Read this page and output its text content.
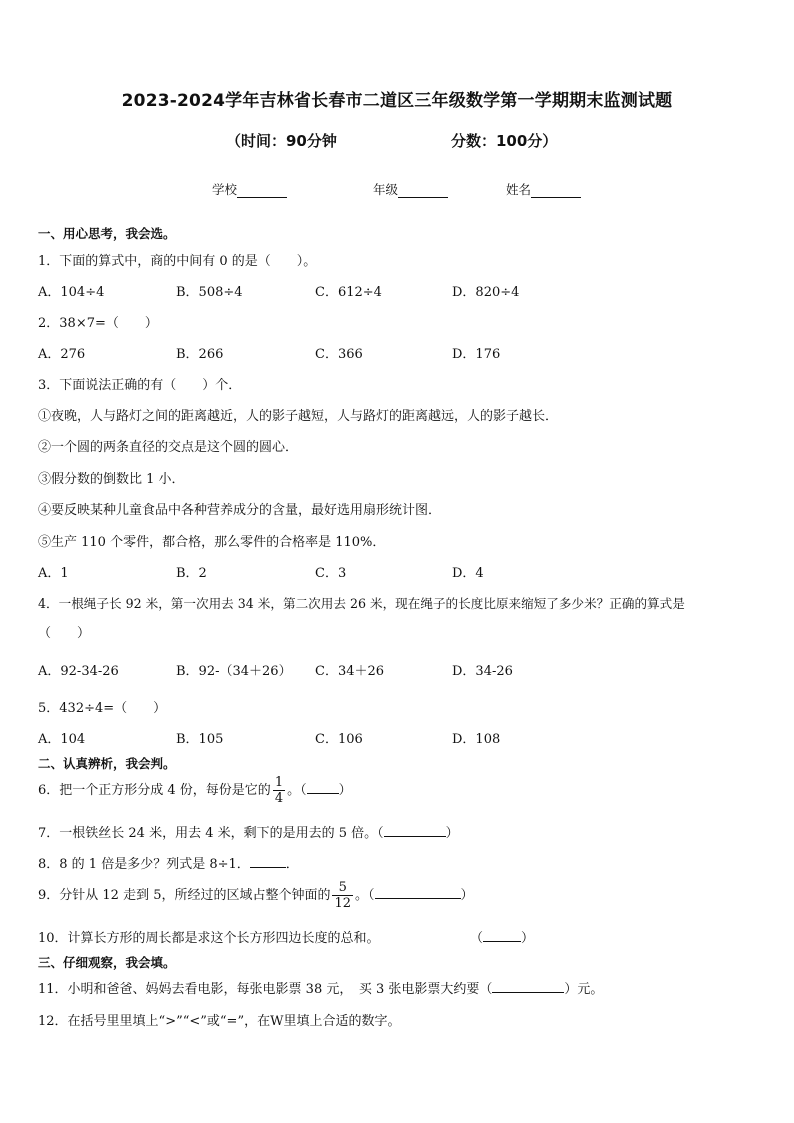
2023-2024学年吉林省长春市二道区三年级数学第一学期期末监测试题
（时间：90分钟	分数：100分）
学校	年级	姓名
一、用心思考，我会选。
1．下面的算式中，商的中间有 0 的是（　　）。
A．104÷4	B．508÷4	C．612÷4	D．820÷4
2．38×7=（　　）
A．276	B．266	C．366	D．176
3．下面说法正确的有（　　）个．
①夜晚，人与路灯之间的距离越近，人的影子越短，人与路灯的距离越远，人的影子越长．
②一个圆的两条直径的交点是这个圆的圆心．
③假分数的倒数比 1 小．
④要反映某种儿童食品中各种营养成分的含量，最好选用扇形统计图．
⑤生产 110 个零件，都合格，那么零件的合格率是 110%．
A．1	B．2	C．3	D．4
4．一根绳子长 92 米，第一次用去 34 米，第二次用去 26 米，现在绳子的长度比原来缩短了多少米？正确的算式是
（　　）
A．92-34-26	B．92-（34＋26） C．34＋26	D．34-26
5．432÷4=（　　）
A．104	B．105	C．106	D．108
二、认真辨析，我会判。
6．把一个正方形分成 4 份，每份是它的 $\frac{1}{4}$ 。（ ）
7．一根铁丝长 24 米，用去 4 米，剩下的是用去的 5 倍。（	）
8．8 的 1 倍是多少？列式是 8÷1．	．
9．分针从 12 走到 5，所经过的区域占整个钟面的 $\frac{5}{12}$ 。（	）
10．计算长方形的周长都是求这个长方形四边长度的总和。	（	）
三、仔细观察，我会填。
11．小明和爸爸、妈妈去看电影，每张电影票 38 元，　买 3 张电影票大约要（	）元。
12．在括号里里填上“>”“<”或“=”，在W里填上合适的数字。
